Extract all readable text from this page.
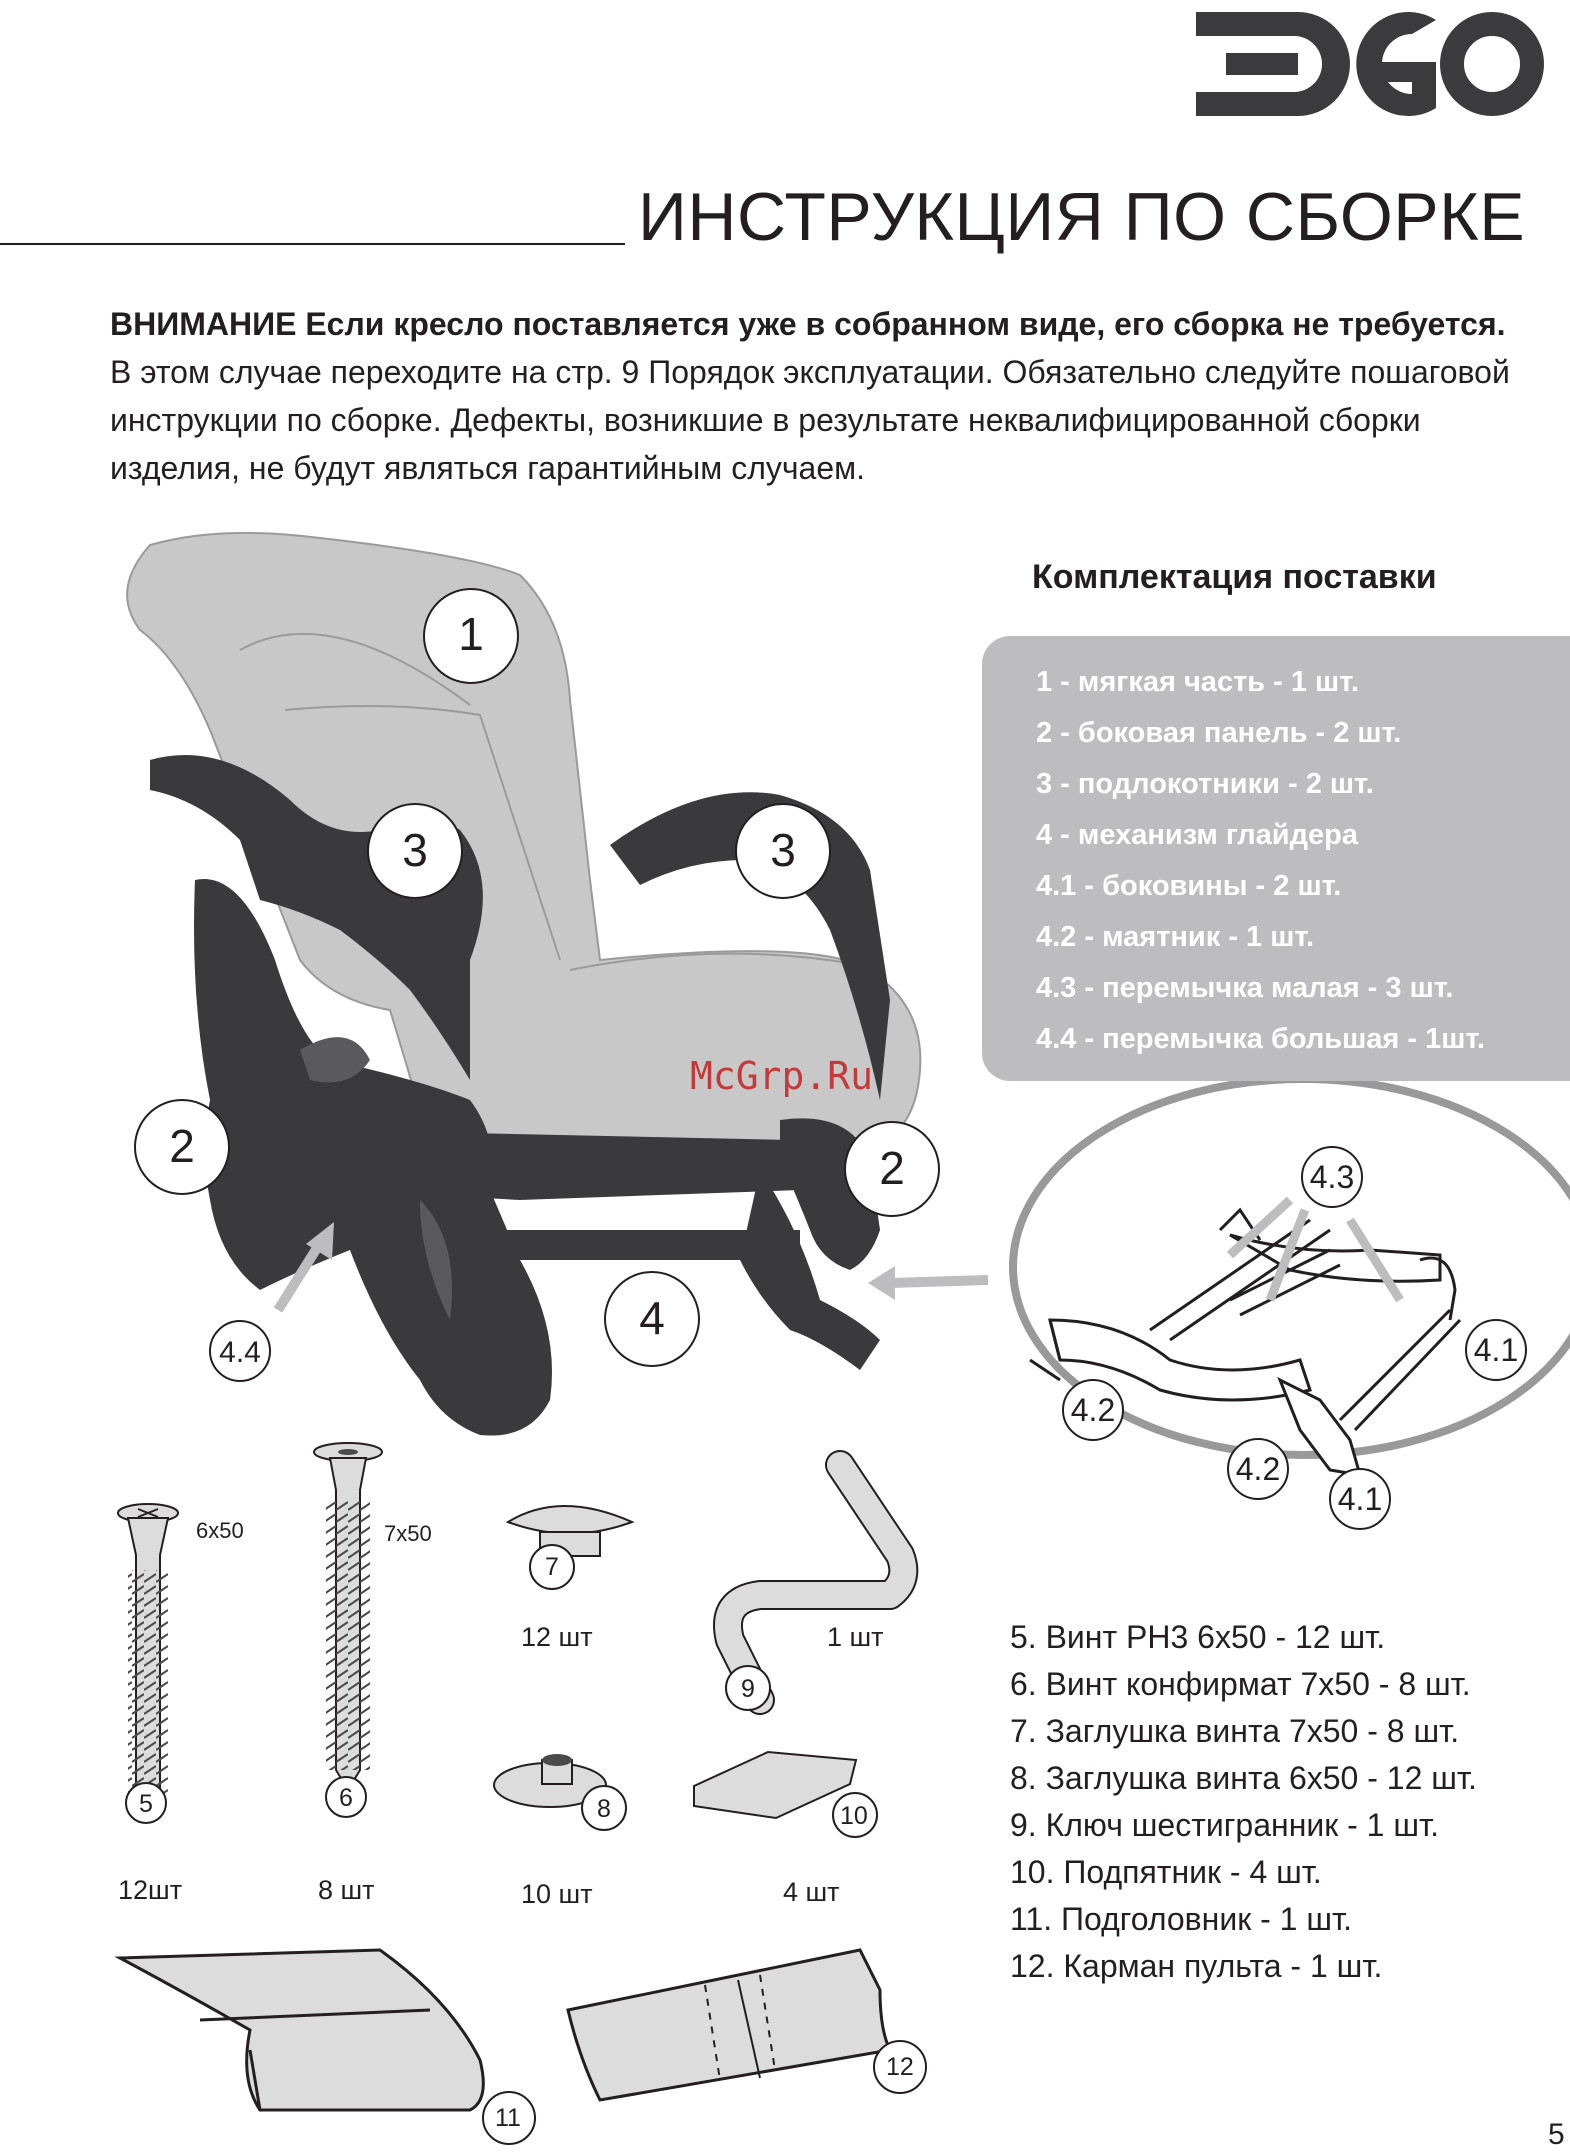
ИНСТРУКЦИЯ ПО СБОРКЕ

ВНИМАНИЕ Если кресло поставляется уже в собранном виде, его сборка не требуется. В этом случае переходите на стр. 9 Порядок эксплуатации. Обязательно следуйте пошаговой инструкции по сборке. Дефекты, возникшие в результате неквалифицированной сборки изделия, не будут являться гарантийным случаем.

1
3	3
2	2
4
4.4
4.3
4.1
4.2
4.2
4.1
5
6x50
12шт
6
7x50
8 шт
7
12 шт
9
1 шт
8
10 шт
10
4 шт
11
12
Комплектация поставки
1 - мягкая часть - 1 шт.
2 - боковая панель - 2 шт.
3 - подлокотники - 2 шт.
4 - механизм глайдера
4.1 - боковины - 2 шт.
4.2 - маятник - 1 шт.
4.3 - перемычка малая - 3 шт.
4.4 - перемычка большая - 1шт.
McGrp.Ru
5. Винт PH3 6x50 - 12 шт.
6. Винт конфирмат 7x50 - 8 шт.
7. Заглушка винта 7x50 - 8 шт.
8. Заглушка винта 6x50 - 12 шт.
9. Ключ шестигранник - 1 шт.
10. Подпятник - 4 шт.
11. Подголовник - 1 шт.
12. Карман пульта - 1 шт.
5
